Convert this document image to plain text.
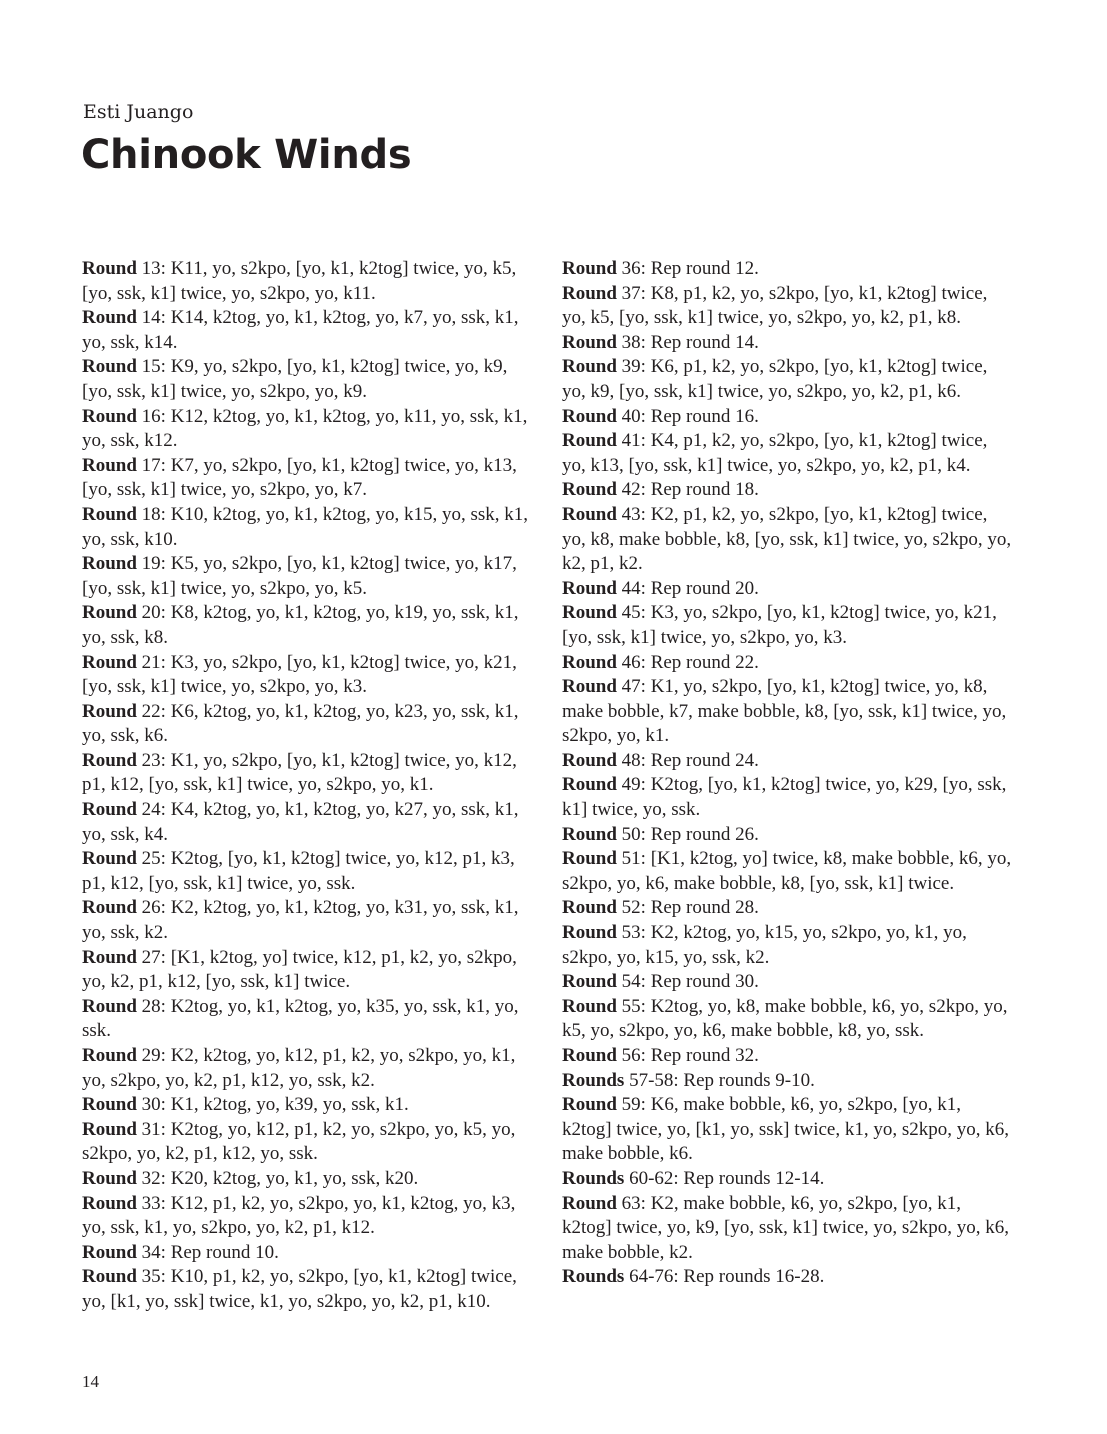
Esti Juango
Chinook Winds

Round 13: K11, yo, s2kpo, [yo, k1, k2tog] twice, yo, k5, [yo, ssk, k1] twice, yo, s2kpo, yo, k11.

Round 14: K14, k2tog, yo, k1, k2tog, yo, k7, yo, ssk, k1, yo, ssk, k14.

Round 15: K9, yo, s2kpo, [yo, k1, k2tog] twice, yo, k9, [yo, ssk, k1] twice, yo, s2kpo, yo, k9.

Round 16: K12, k2tog, yo, k1, k2tog, yo, k11, yo, ssk, k1, yo, ssk, k12.

Round 17: K7, yo, s2kpo, [yo, k1, k2tog] twice, yo, k13, [yo, ssk, k1] twice, yo, s2kpo, yo, k7.

Round 18: K10, k2tog, yo, k1, k2tog, yo, k15, yo, ssk, k1, yo, ssk, k10.

Round 19: K5, yo, s2kpo, [yo, k1, k2tog] twice, yo, k17, [yo, ssk, k1] twice, yo, s2kpo, yo, k5.

Round 20: K8, k2tog, yo, k1, k2tog, yo, k19, yo, ssk, k1, yo, ssk, k8.

Round 21: K3, yo, s2kpo, [yo, k1, k2tog] twice, yo, k21, [yo, ssk, k1] twice, yo, s2kpo, yo, k3.

Round 22: K6, k2tog, yo, k1, k2tog, yo, k23, yo, ssk, k1, yo, ssk, k6.

Round 23: K1, yo, s2kpo, [yo, k1, k2tog] twice, yo, k12, p1, k12, [yo, ssk, k1] twice, yo, s2kpo, yo, k1.

Round 24: K4, k2tog, yo, k1, k2tog, yo, k27, yo, ssk, k1, yo, ssk, k4.

Round 25: K2tog, [yo, k1, k2tog] twice, yo, k12, p1, k3, p1, k12, [yo, ssk, k1] twice, yo, ssk.

Round 26: K2, k2tog, yo, k1, k2tog, yo, k31, yo, ssk, k1, yo, ssk, k2.

Round 27: [K1, k2tog, yo] twice, k12, p1, k2, yo, s2kpo, yo, k2, p1, k12, [yo, ssk, k1] twice.

Round 28: K2tog, yo, k1, k2tog, yo, k35, yo, ssk, k1, yo, ssk.

Round 29: K2, k2tog, yo, k12, p1, k2, yo, s2kpo, yo, k1, yo, s2kpo, yo, k2, p1, k12, yo, ssk, k2.

Round 30: K1, k2tog, yo, k39, yo, ssk, k1.

Round 31: K2tog, yo, k12, p1, k2, yo, s2kpo, yo, k5, yo, s2kpo, yo, k2, p1, k12, yo, ssk.

Round 32: K20, k2tog, yo, k1, yo, ssk, k20.

Round 33: K12, p1, k2, yo, s2kpo, yo, k1, k2tog, yo, k3, yo, ssk, k1, yo, s2kpo, yo, k2, p1, k12.

Round 34: Rep round 10.

Round 35: K10, p1, k2, yo, s2kpo, [yo, k1, k2tog] twice, yo, [k1, yo, ssk] twice, k1, yo, s2kpo, yo, k2, p1, k10.

Round 36: Rep round 12.

Round 37: K8, p1, k2, yo, s2kpo, [yo, k1, k2tog] twice, yo, k5, [yo, ssk, k1] twice, yo, s2kpo, yo, k2, p1, k8.

Round 38: Rep round 14.

Round 39: K6, p1, k2, yo, s2kpo, [yo, k1, k2tog] twice, yo, k9, [yo, ssk, k1] twice, yo, s2kpo, yo, k2, p1, k6.

Round 40: Rep round 16.

Round 41: K4, p1, k2, yo, s2kpo, [yo, k1, k2tog] twice, yo, k13, [yo, ssk, k1] twice, yo, s2kpo, yo, k2, p1, k4.

Round 42: Rep round 18.

Round 43: K2, p1, k2, yo, s2kpo, [yo, k1, k2tog] twice, yo, k8, make bobble, k8, [yo, ssk, k1] twice, yo, s2kpo, yo, k2, p1, k2.

Round 44: Rep round 20.

Round 45: K3, yo, s2kpo, [yo, k1, k2tog] twice, yo, k21, [yo, ssk, k1] twice, yo, s2kpo, yo, k3.

Round 46: Rep round 22.

Round 47: K1, yo, s2kpo, [yo, k1, k2tog] twice, yo, k8, make bobble, k7, make bobble, k8, [yo, ssk, k1] twice, yo, s2kpo, yo, k1.

Round 48: Rep round 24.

Round 49: K2tog, [yo, k1, k2tog] twice, yo, k29, [yo, ssk, k1] twice, yo, ssk.

Round 50: Rep round 26.

Round 51: [K1, k2tog, yo] twice, k8, make bobble, k6, yo, s2kpo, yo, k6, make bobble, k8, [yo, ssk, k1] twice.

Round 52: Rep round 28.

Round 53: K2, k2tog, yo, k15, yo, s2kpo, yo, k1, yo, s2kpo, yo, k15, yo, ssk, k2.

Round 54: Rep round 30.

Round 55: K2tog, yo, k8, make bobble, k6, yo, s2kpo, yo, k5, yo, s2kpo, yo, k6, make bobble, k8, yo, ssk.

Round 56: Rep round 32.

Rounds 57-58: Rep rounds 9-10.

Round 59: K6, make bobble, k6, yo, s2kpo, [yo, k1, k2tog] twice, yo, [k1, yo, ssk] twice, k1, yo, s2kpo, yo, k6, make bobble, k6.

Rounds 60-62: Rep rounds 12-14.

Round 63: K2, make bobble, k6, yo, s2kpo, [yo, k1, k2tog] twice, yo, k9, [yo, ssk, k1] twice, yo, s2kpo, yo, k6, make bobble, k2.

Rounds 64-76: Rep rounds 16-28.

14
